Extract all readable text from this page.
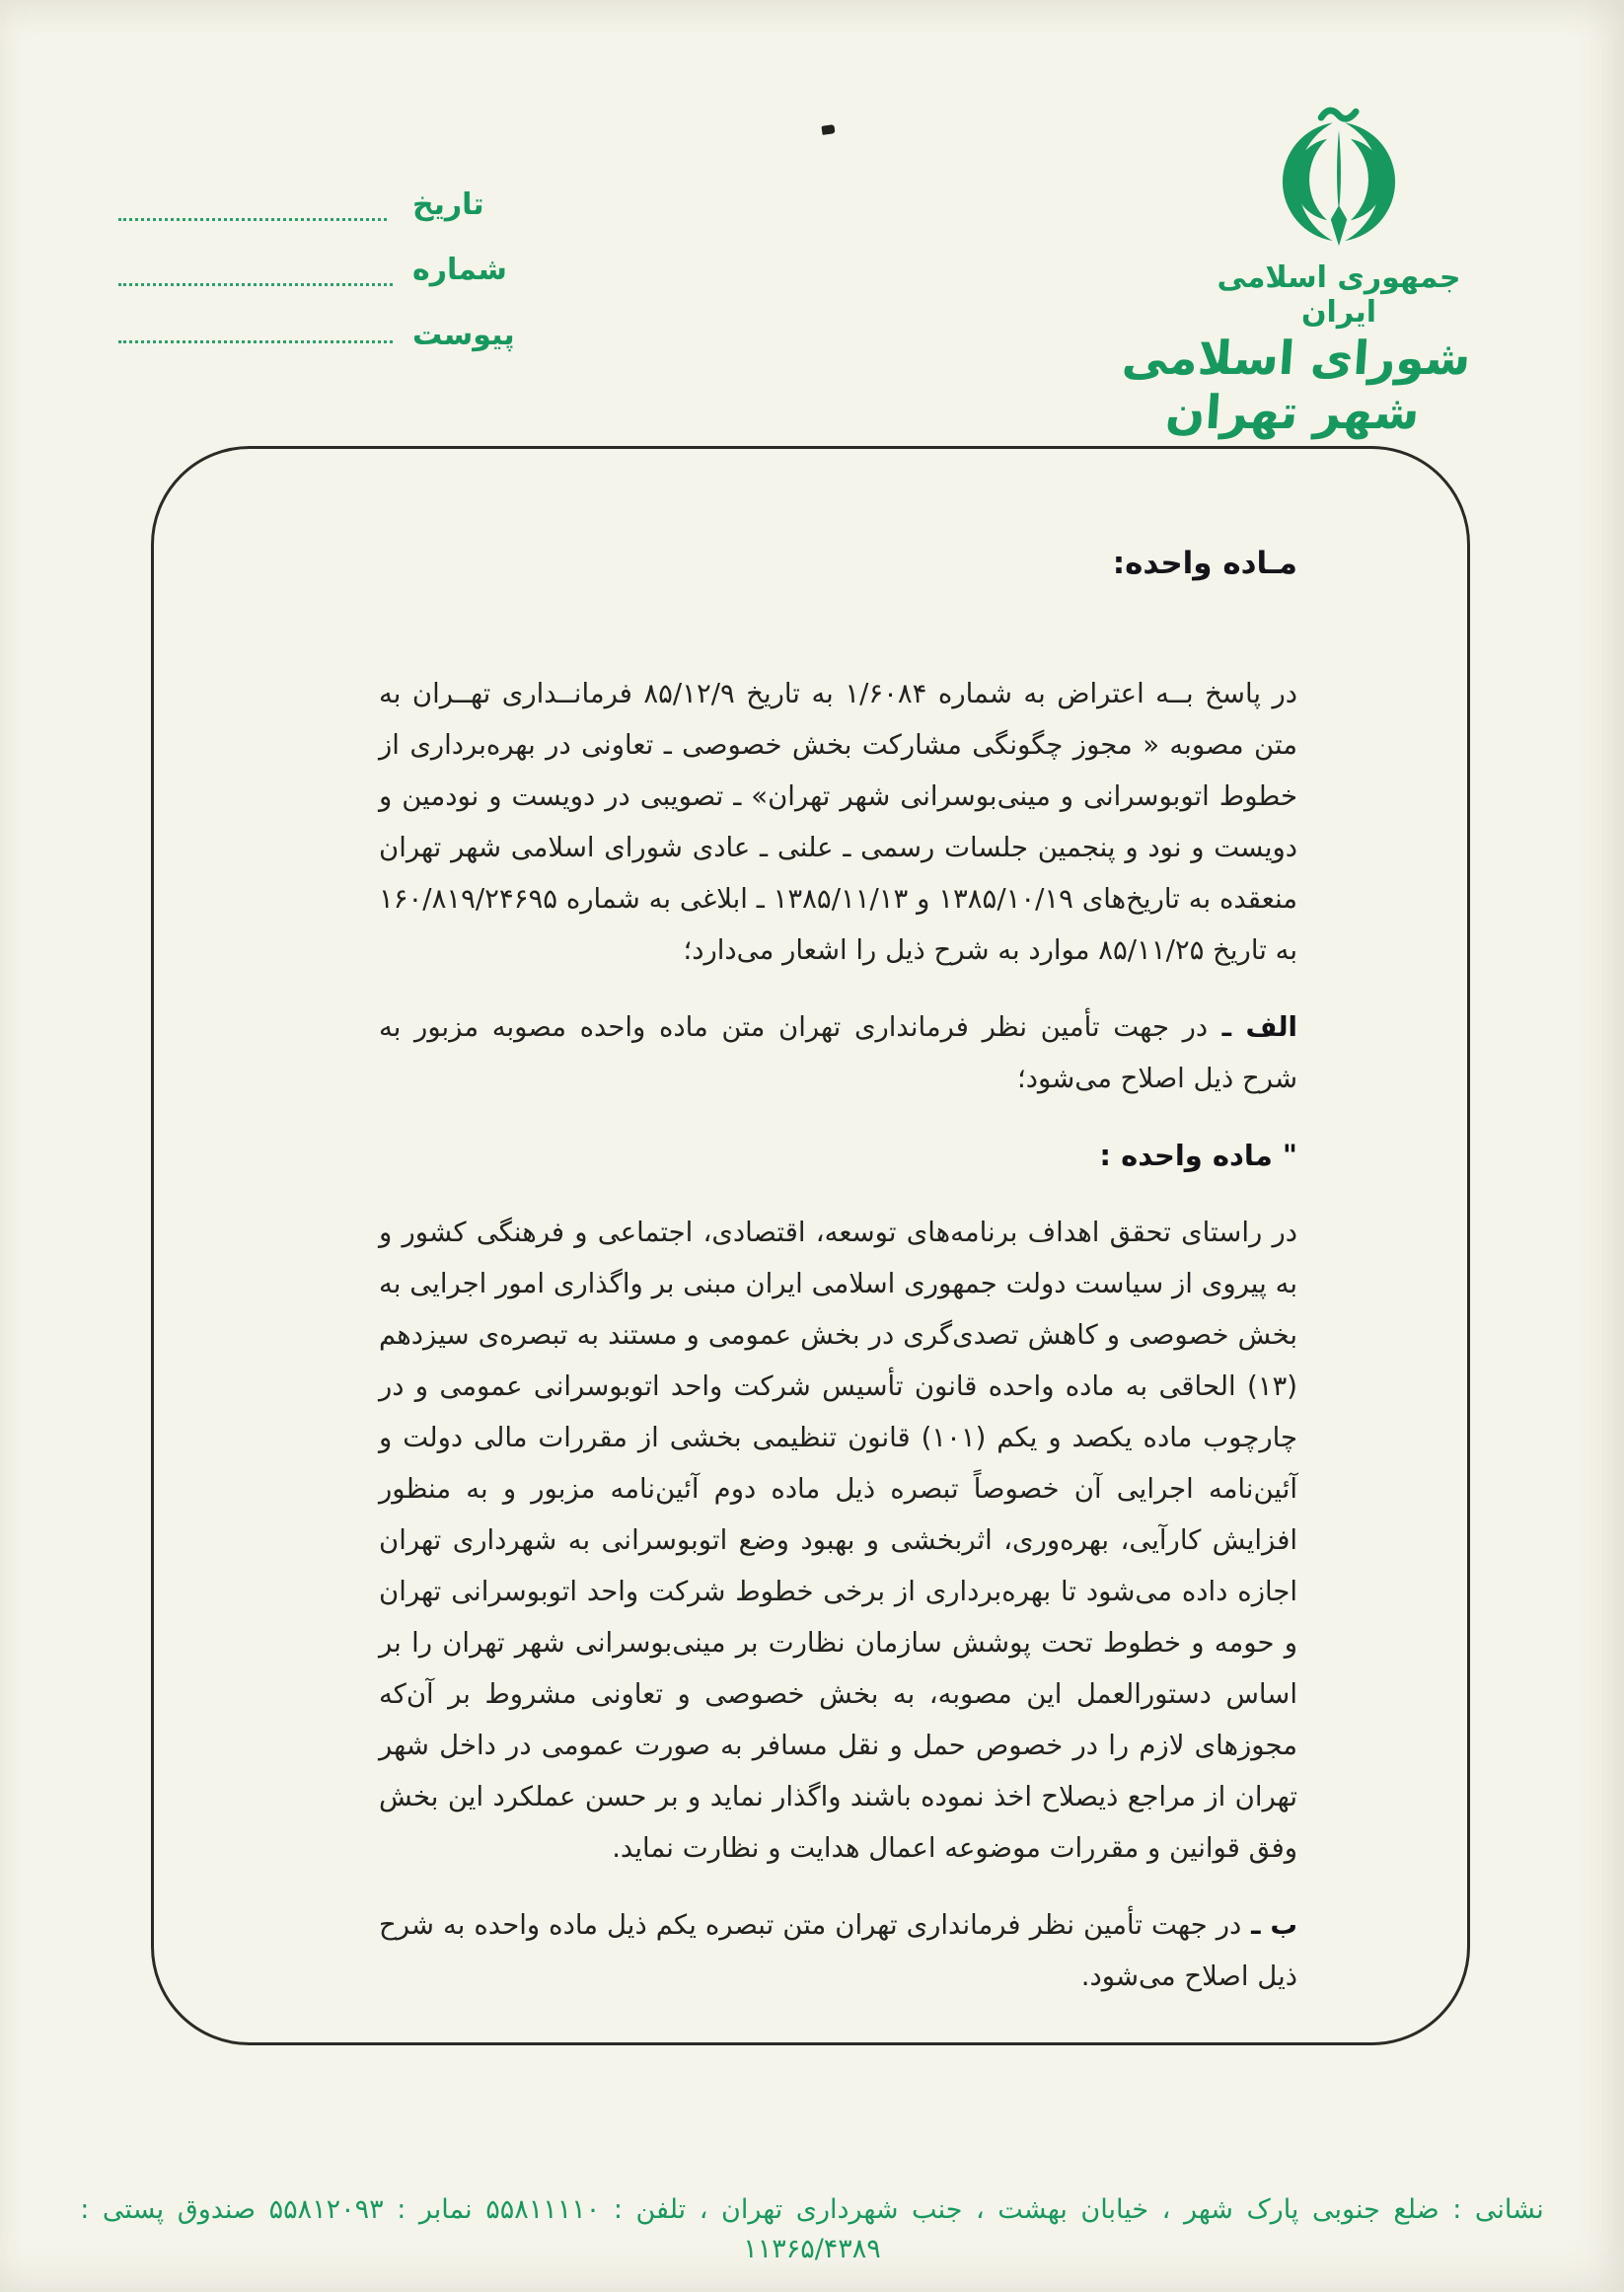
جمهوری اسلامی ایران
شورای اسلامی شهر تهران
تاریخ
شماره
پیوست
مـاده واحده:

در پاسخ بــه اعتراض به شماره ۱/۶۰۸۴ به تاریخ ۸۵/۱۲/۹ فرمانــداری تهــران به متن مصوبه « مجوز چگونگی مشارکت بخش خصوصی ـ تعاونی در بهره‌برداری از خطوط اتوبوسرانی و مینی‌بوسرانی شهر تهران» ـ تصویبی در دویست و نودمین و دویست و نود و پنجمین جلسات رسمی ـ علنی ـ عادی شورای اسلامی شهر تهران منعقده به تاریخ‌های ۱۳۸۵/۱۰/۱۹ و ۱۳۸۵/۱۱/۱۳ ـ ابلاغی به شماره ۱۶۰/۸۱۹/۲۴۶۹۵ به تاریخ ۸۵/۱۱/۲۵ موارد به شرح ذیل را اشعار می‌دارد؛

الف ـ در جهت تأمین نظر فرمانداری تهران متن ماده واحده مصوبه مزبور به شرح ذیل اصلاح می‌شود؛

" ماده واحده :

در راستای تحقق اهداف برنامه‌های توسعه، اقتصادی، اجتماعی و فرهنگی کشور و به پیروی از سیاست دولت جمهوری اسلامی ایران مبنی بر واگذاری امور اجرایی به بخش خصوصی و کاهش تصدی‌گری در بخش عمومی و مستند به تبصره‌ی سیزدهم (۱۳) الحاقی به ماده واحده قانون تأسیس شرکت واحد اتوبوسرانی عمومی و در چارچوب ماده یکصد و یکم (۱۰۱) قانون تنظیمی بخشی از مقررات مالی دولت و آئین‌نامه اجرایی آن خصوصاً تبصره ذیل ماده دوم آئین‌نامه مزبور و به منظور افزایش کارآیی، بهره‌وری، اثربخشی و بهبود وضع اتوبوسرانی به شهرداری تهران اجازه داده می‌شود تا بهره‌برداری از برخی خطوط شرکت واحد اتوبوسرانی تهران و حومه و خطوط تحت پوشش سازمان نظارت بر مینی‌بوسرانی شهر تهران را بر اساس دستورالعمل این مصوبه، به بخش خصوصی و تعاونی مشروط بر آن‌که مجوزهای لازم را در خصوص حمل و نقل مسافر به صورت عمومی در داخل شهر تهران از مراجع ذیصلاح اخذ نموده باشند واگذار نماید و بر حسن عملکرد این بخش وفق قوانین و مقررات موضوعه اعمال هدایت و نظارت نماید.

ب ـ در جهت تأمین نظر فرمانداری تهران متن تبصره یکم ذیل ماده واحده به شرح ذیل اصلاح می‌شود.

نشانی : ضلع جنوبی پارک شهر ، خیابان بهشت ، جنب شهرداری تهران ، تلفن : ۵۵۸۱۱۱۱۰ نمابر : ۵۵۸۱۲۰۹۳ صندوق پستی : ۱۱۳۶۵/۴۳۸۹
